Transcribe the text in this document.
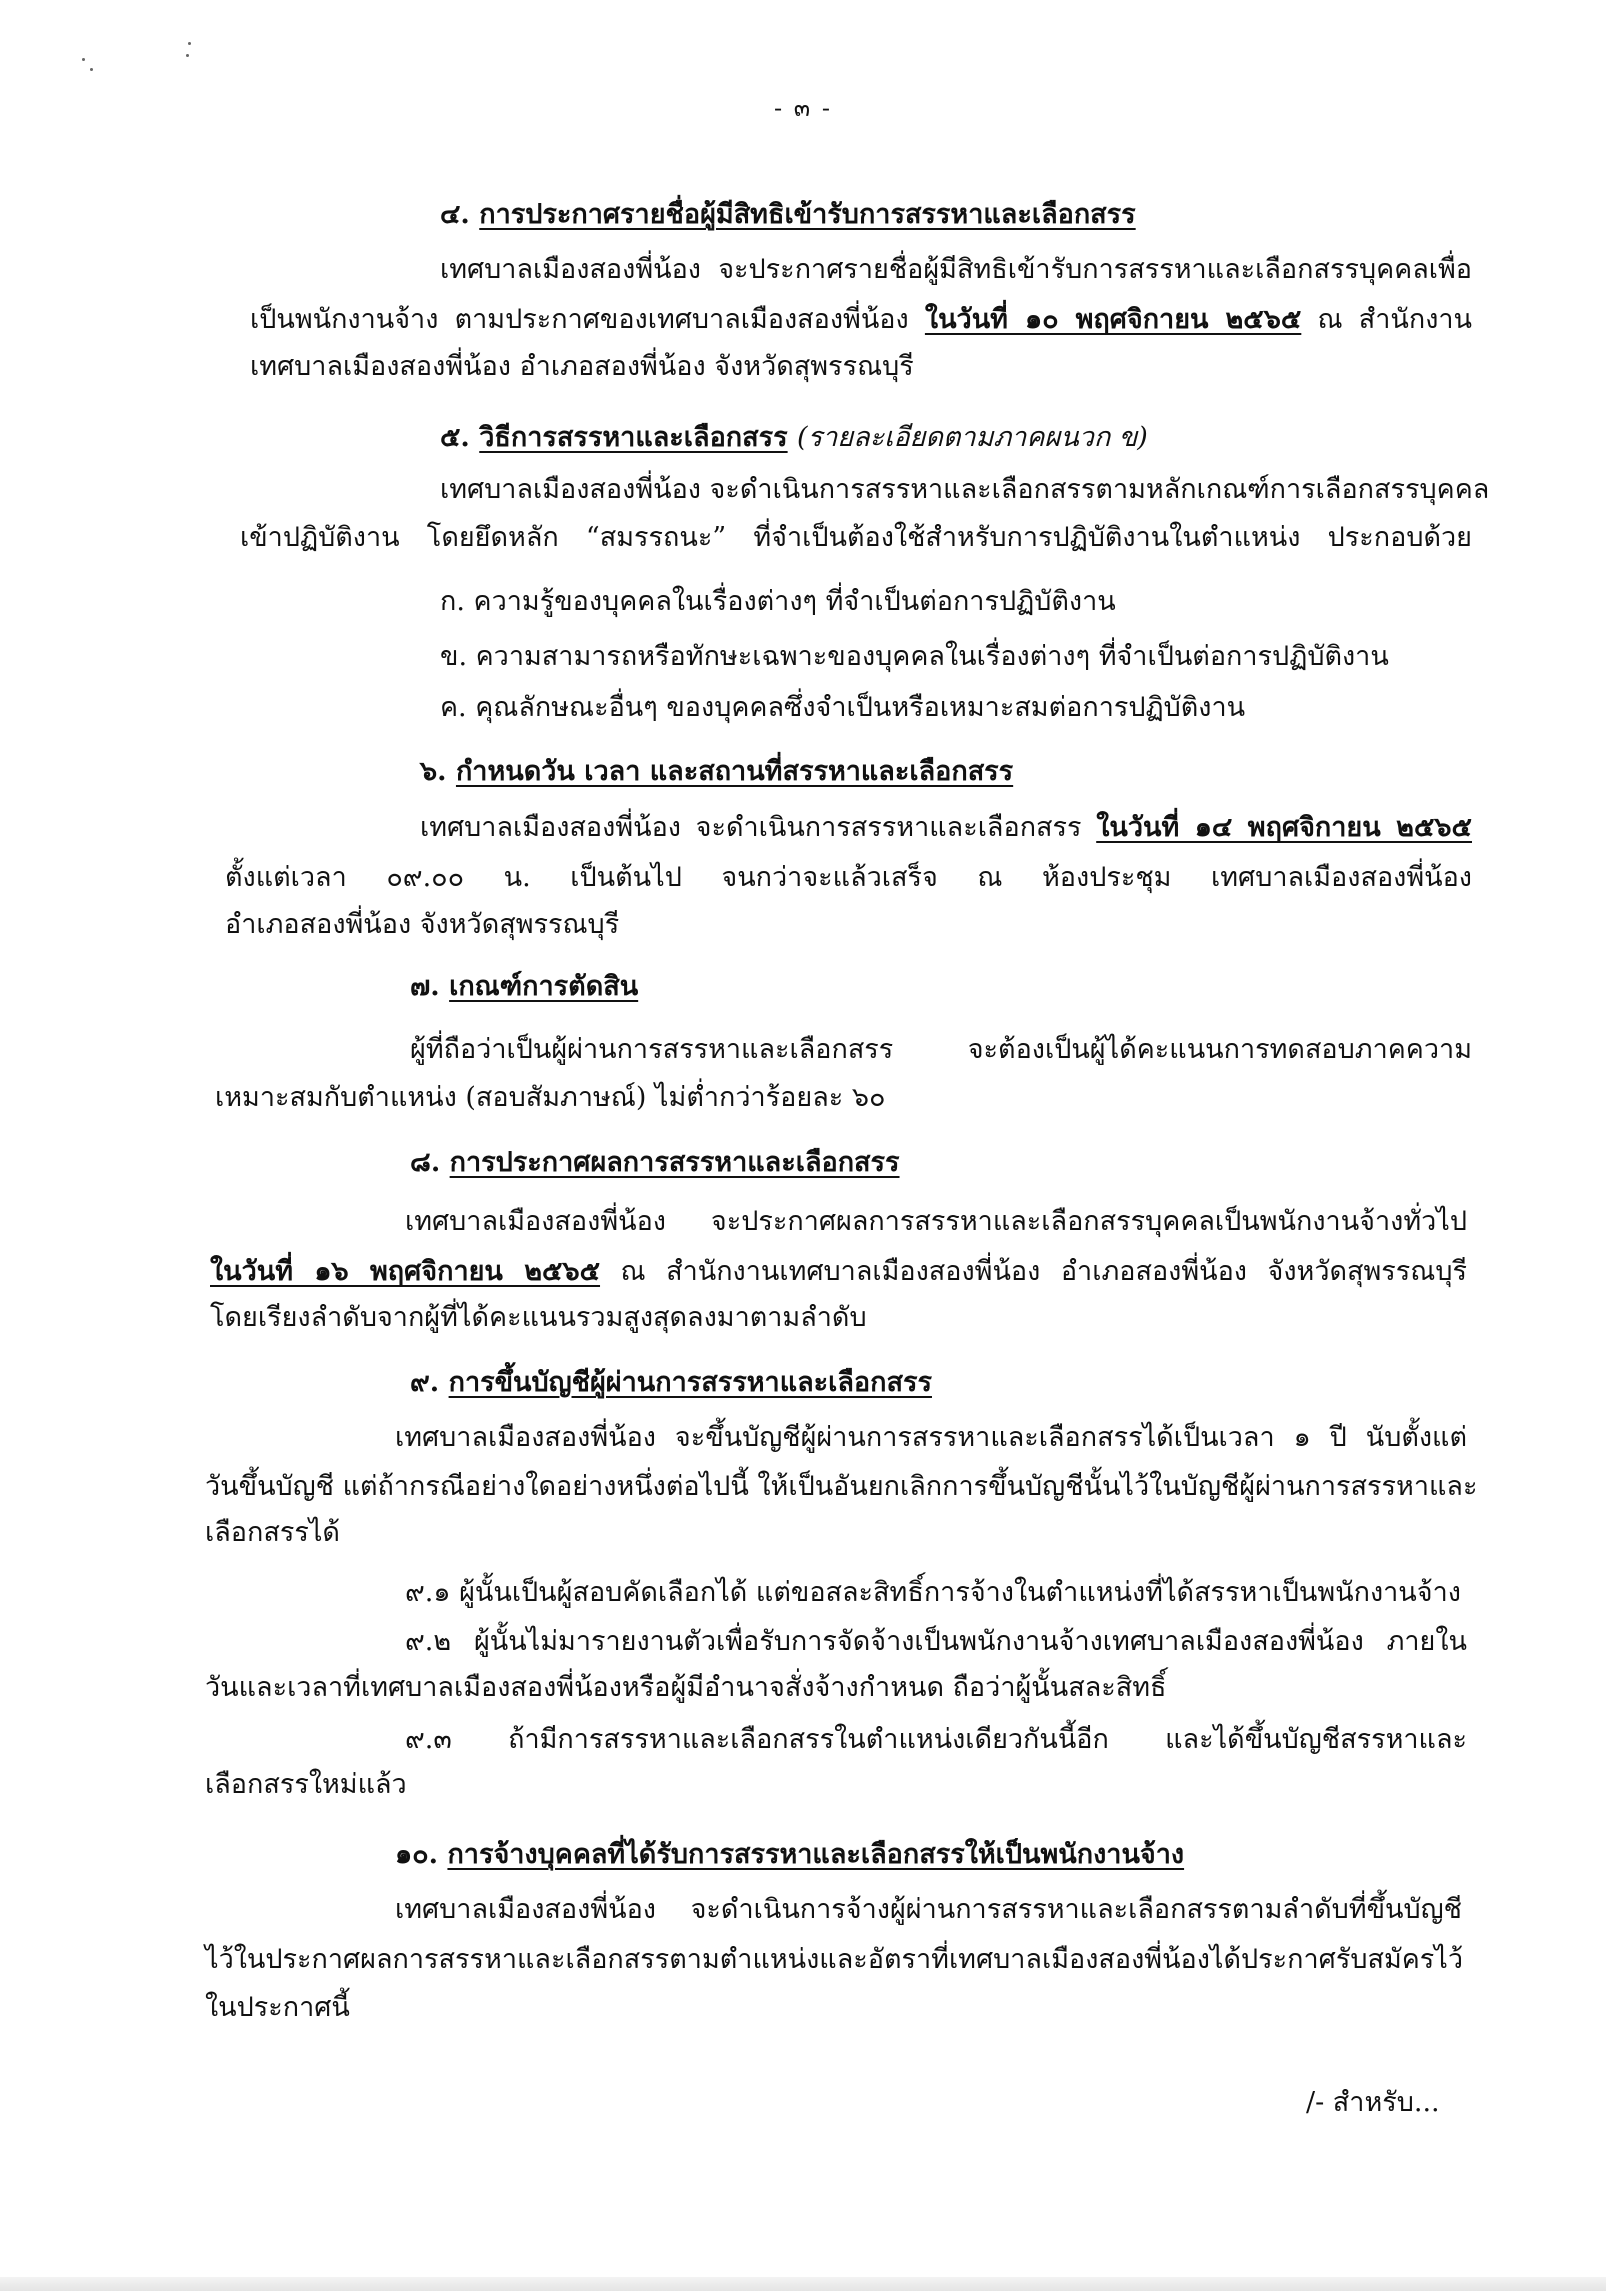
- ๓ -
๔. การประกาศรายชื่อผู้มีสิทธิเข้ารับการสรรหาและเลือกสรร
เทศบาลเมืองสองพี่น้อง จะประกาศรายชื่อผู้มีสิทธิเข้ารับการสรรหาและเลือกสรรบุคคลเพื่อ
เป็นพนักงานจ้าง ตามประกาศของเทศบาลเมืองสองพี่น้อง ในวันที่ ๑๐ พฤศจิกายน ๒๕๖๕ ณ สำนักงาน
เทศบาลเมืองสองพี่น้อง อำเภอสองพี่น้อง จังหวัดสุพรรณบุรี
๕. วิธีการสรรหาและเลือกสรร (รายละเอียดตามภาคผนวก ข)
เทศบาลเมืองสองพี่น้อง จะดำเนินการสรรหาและเลือกสรรตามหลักเกณฑ์การเลือกสรรบุคคล
เข้าปฏิบัติงาน โดยยึดหลัก “สมรรถนะ” ที่จำเป็นต้องใช้สำหรับการปฏิบัติงานในตำแหน่ง ประกอบด้วย
ก. ความรู้ของบุคคลในเรื่องต่างๆ ที่จำเป็นต่อการปฏิบัติงาน
ข. ความสามารถหรือทักษะเฉพาะของบุคคลในเรื่องต่างๆ ที่จำเป็นต่อการปฏิบัติงาน
ค. คุณลักษณะอื่นๆ ของบุคคลซึ่งจำเป็นหรือเหมาะสมต่อการปฏิบัติงาน
๖. กำหนดวัน เวลา และสถานที่สรรหาและเลือกสรร
เทศบาลเมืองสองพี่น้อง จะดำเนินการสรรหาและเลือกสรร ในวันที่ ๑๔ พฤศจิกายน ๒๕๖๕
ตั้งแต่เวลา ๐๙.๐๐ น. เป็นต้นไป จนกว่าจะแล้วเสร็จ ณ ห้องประชุม เทศบาลเมืองสองพี่น้อง
อำเภอสองพี่น้อง จังหวัดสุพรรณบุรี
๗. เกณฑ์การตัดสิน
ผู้ที่ถือว่าเป็นผู้ผ่านการสรรหาและเลือกสรร จะต้องเป็นผู้ได้คะแนนการทดสอบภาคความ
เหมาะสมกับตำแหน่ง (สอบสัมภาษณ์) ไม่ต่ำกว่าร้อยละ ๖๐
๘. การประกาศผลการสรรหาและเลือกสรร
เทศบาลเมืองสองพี่น้อง จะประกาศผลการสรรหาและเลือกสรรบุคคลเป็นพนักงานจ้างทั่วไป
ในวันที่ ๑๖ พฤศจิกายน ๒๕๖๕ ณ สำนักงานเทศบาลเมืองสองพี่น้อง อำเภอสองพี่น้อง จังหวัดสุพรรณบุรี
โดยเรียงลำดับจากผู้ที่ได้คะแนนรวมสูงสุดลงมาตามลำดับ
๙. การขึ้นบัญชีผู้ผ่านการสรรหาและเลือกสรร
เทศบาลเมืองสองพี่น้อง จะขึ้นบัญชีผู้ผ่านการสรรหาและเลือกสรรได้เป็นเวลา ๑ ปี นับตั้งแต่
วันขึ้นบัญชี แต่ถ้ากรณีอย่างใดอย่างหนึ่งต่อไปนี้ ให้เป็นอันยกเลิกการขึ้นบัญชีนั้นไว้ในบัญชีผู้ผ่านการสรรหาและ
เลือกสรรได้
๙.๑ ผู้นั้นเป็นผู้สอบคัดเลือกได้ แต่ขอสละสิทธิ์การจ้างในตำแหน่งที่ได้สรรหาเป็นพนักงานจ้าง
๙.๒ ผู้นั้นไม่มารายงานตัวเพื่อรับการจัดจ้างเป็นพนักงานจ้างเทศบาลเมืองสองพี่น้อง ภายใน
วันและเวลาที่เทศบาลเมืองสองพี่น้องหรือผู้มีอำนาจสั่งจ้างกำหนด ถือว่าผู้นั้นสละสิทธิ์
๙.๓ ถ้ามีการสรรหาและเลือกสรรในตำแหน่งเดียวกันนี้อีก และได้ขึ้นบัญชีสรรหาและ
เลือกสรรใหม่แล้ว
๑๐. การจ้างบุคคลที่ได้รับการสรรหาและเลือกสรรให้เป็นพนักงานจ้าง
เทศบาลเมืองสองพี่น้อง จะดำเนินการจ้างผู้ผ่านการสรรหาและเลือกสรรตามลำดับที่ขึ้นบัญชี
ไว้ในประกาศผลการสรรหาและเลือกสรรตามตำแหน่งและอัตราที่เทศบาลเมืองสองพี่น้องได้ประกาศรับสมัครไว้
ในประกาศนี้
/- สำหรับ...
